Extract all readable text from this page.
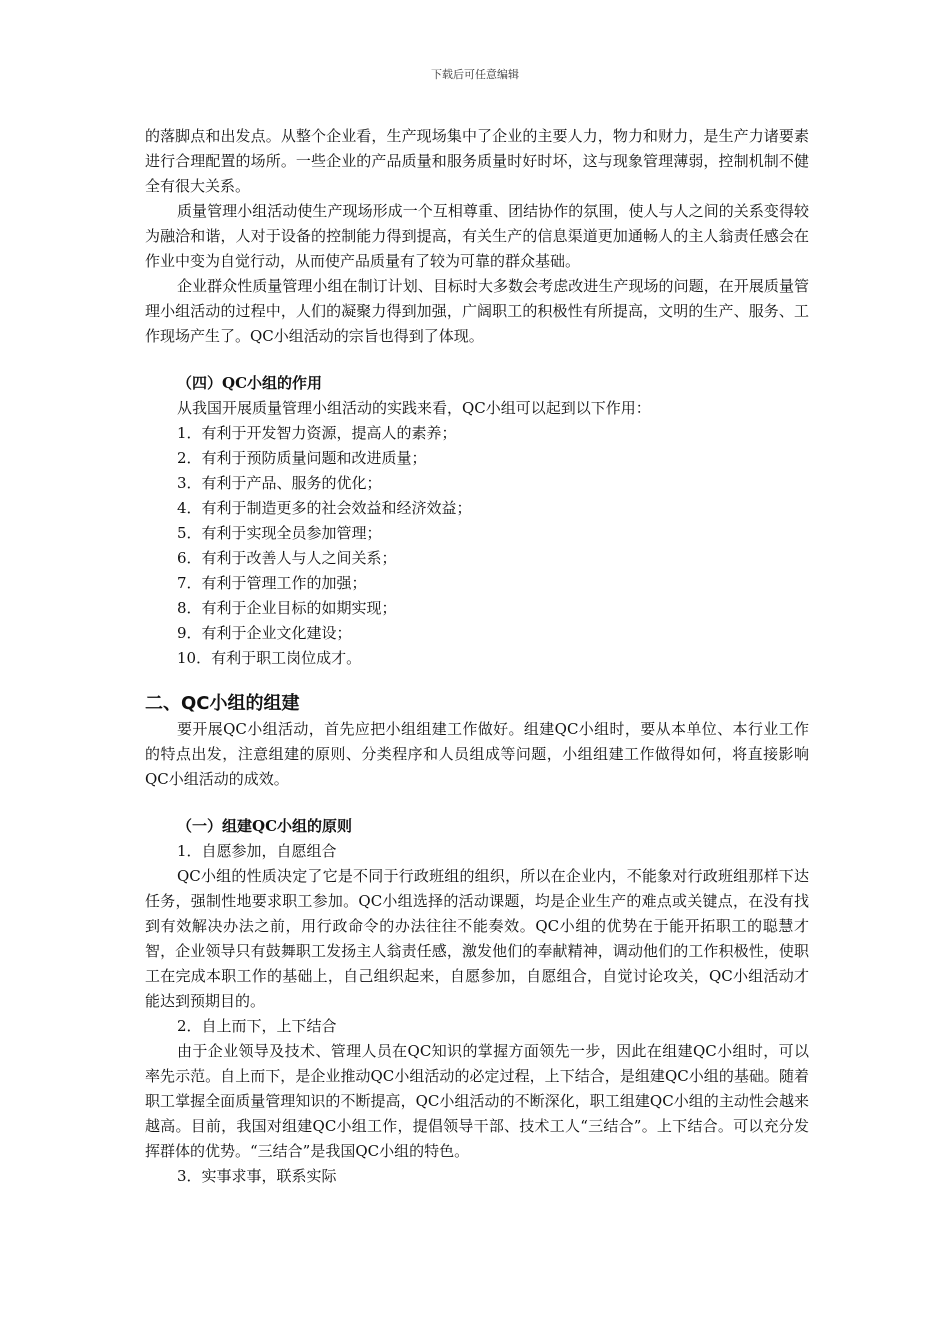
下载后可任意编辑

的落脚点和出发点。从整个企业看，生产现场集中了企业的主要人力，物力和财力，是生产力诸要素进行合理配置的场所。一些企业的产品质量和服务质量时好时坏，这与现象管理薄弱，控制机制不健全有很大关系。

质量管理小组活动使生产现场形成一个互相尊重、团结协作的氛围，使人与人之间的关系变得较为融洽和谐，人对于设备的控制能力得到提高，有关生产的信息渠道更加通畅人的主人翁责任感会在作业中变为自觉行动，从而使产品质量有了较为可靠的群众基础。

企业群众性质量管理小组在制订计划、目标时大多数会考虑改进生产现场的问题，在开展质量管理小组活动的过程中，人们的凝聚力得到加强，广阔职工的积极性有所提高，文明的生产、服务、工作现场产生了。QC小组活动的宗旨也得到了体现。

（四）QC小组的作用

从我国开展质量管理小组活动的实践来看，QC小组可以起到以下作用：

1．有利于开发智力资源，提高人的素养；

2．有利于预防质量问题和改进质量；

3．有利于产品、服务的优化；

4．有利于制造更多的社会效益和经济效益；

5．有利于实现全员参加管理；

6．有利于改善人与人之间关系；

7．有利于管理工作的加强；

8．有利于企业目标的如期实现；

9．有利于企业文化建设；

10．有利于职工岗位成才。

二、QC小组的组建

要开展QC小组活动，首先应把小组组建工作做好。组建QC小组时，要从本单位、本行业工作的特点出发，注意组建的原则、分类程序和人员组成等问题，小组组建工作做得如何，将直接影响QC小组活动的成效。

（一）组建QC小组的原则

1．自愿参加，自愿组合

QC小组的性质决定了它是不同于行政班组的组织，所以在企业内，不能象对行政班组那样下达任务，强制性地要求职工参加。QC小组选择的活动课题，均是企业生产的难点或关键点，在没有找到有效解决办法之前，用行政命令的办法往往不能奏效。QC小组的优势在于能开拓职工的聪慧才智，企业领导只有鼓舞职工发扬主人翁责任感，激发他们的奉献精神，调动他们的工作积极性，使职工在完成本职工作的基础上，自己组织起来，自愿参加，自愿组合，自觉讨论攻关，QC小组活动才能达到预期目的。

2．自上而下，上下结合

由于企业领导及技术、管理人员在QC知识的掌握方面领先一步，因此在组建QC小组时，可以率先示范。自上而下，是企业推动QC小组活动的必定过程，上下结合，是组建QC小组的基础。随着职工掌握全面质量管理知识的不断提高，QC小组活动的不断深化，职工组建QC小组的主动性会越来越高。目前，我国对组建QC小组工作，提倡领导干部、技术工人“三结合”。上下结合。可以充分发挥群体的优势。“三结合”是我国QC小组的特色。

3．实事求事，联系实际
